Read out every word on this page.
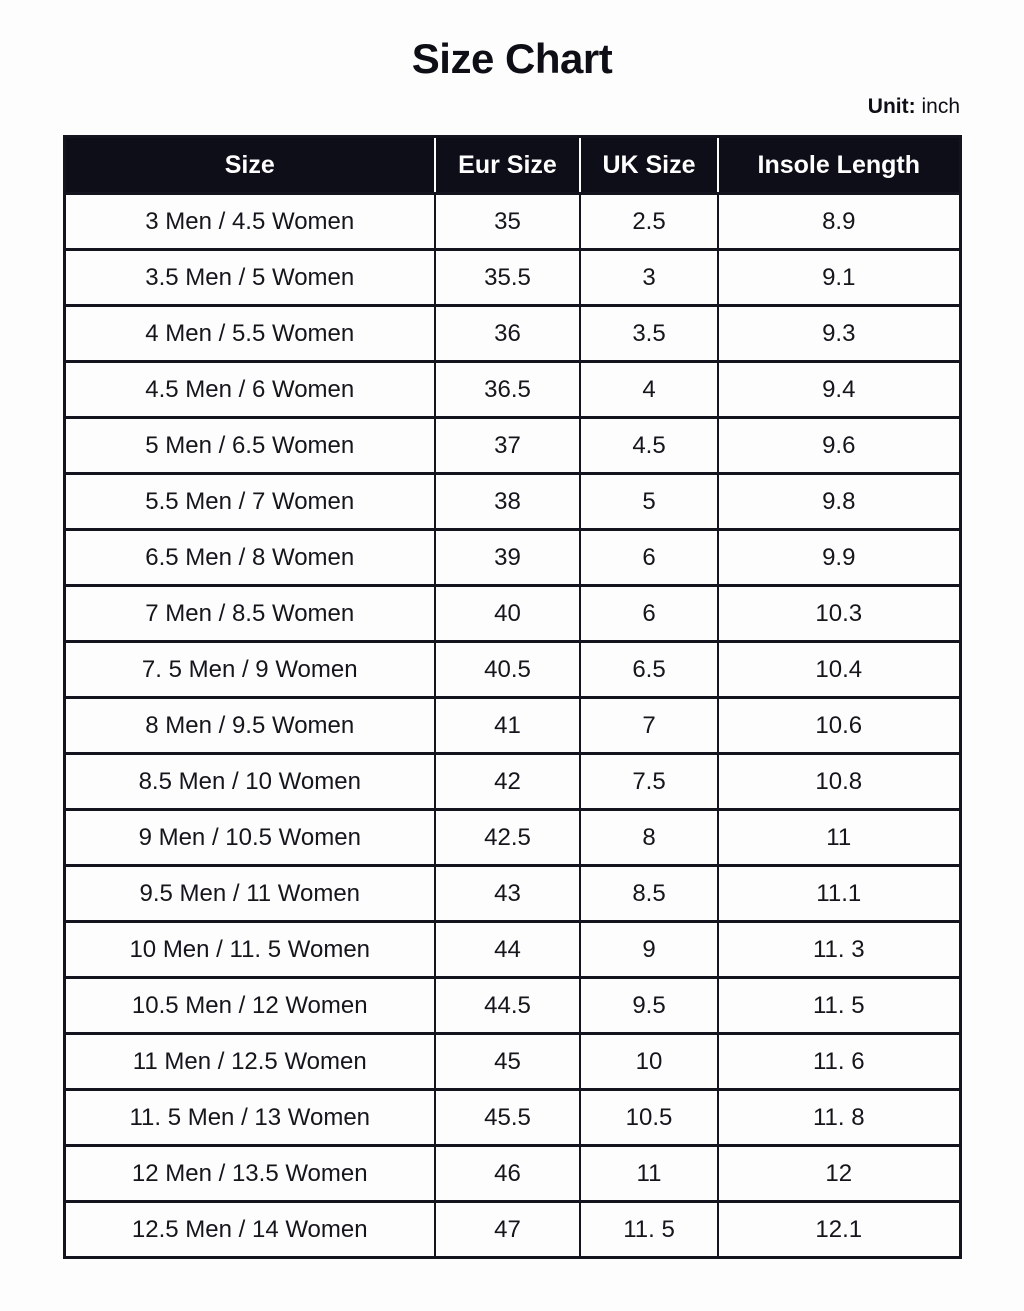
Size Chart
Unit: inch
Size	Eur Size	UK Size	Insole Length
3 Men / 4.5 Women	35	2.5	8.9
3.5 Men / 5 Women	35.5	3	9.1
4 Men / 5.5 Women	36	3.5	9.3
4.5 Men / 6 Women	36.5	4	9.4
5 Men / 6.5 Women	37	4.5	9.6
5.5 Men / 7 Women	38	5	9.8
6.5 Men / 8 Women	39	6	9.9
7 Men / 8.5 Women	40	6	10.3
7. 5 Men / 9 Women	40.5	6.5	10.4
8 Men / 9.5 Women	41	7	10.6
8.5 Men / 10 Women	42	7.5	10.8
9 Men / 10.5 Women	42.5	8	11
9.5 Men / 11 Women	43	8.5	11.1
10 Men / 11. 5 Women	44	9	11. 3
10.5 Men / 12 Women	44.5	9.5	11. 5
11 Men / 12.5 Women	45	10	11. 6
11. 5 Men / 13 Women	45.5	10.5	11. 8
12 Men / 13.5 Women	46	11	12
12.5 Men / 14 Women	47	11. 5	12.1
